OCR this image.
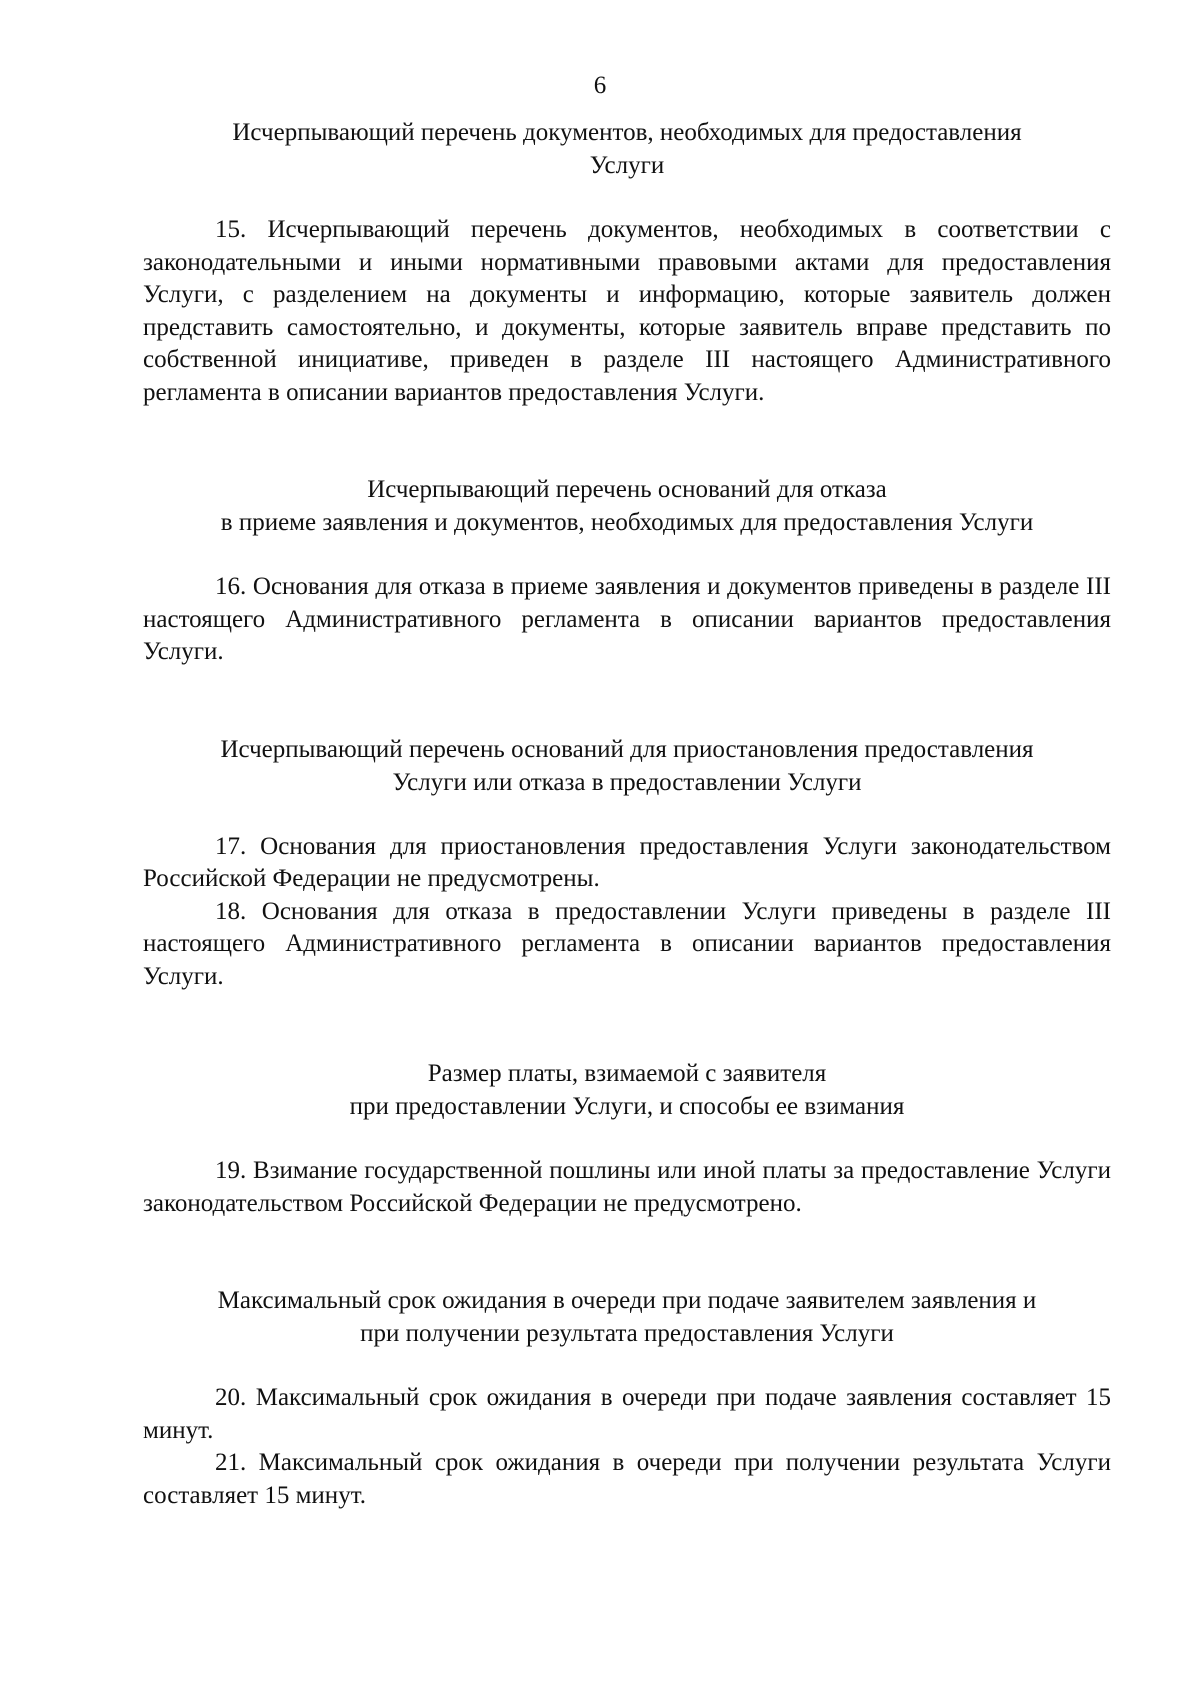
6

Исчерпывающий перечень документов, необходимых для предоставления
Услуги

15. Исчерпывающий перечень документов, необходимых в соответствии с законодательными и иными нормативными правовыми актами для предоставления Услуги, с разделением на документы и информацию, которые заявитель должен представить самостоятельно, и документы, которые заявитель вправе представить по собственной инициативе, приведен в разделе III настоящего Административного регламента в описании вариантов предоставления Услуги.

Исчерпывающий перечень оснований для отказа
в приеме заявления и документов, необходимых для предоставления Услуги

16. Основания для отказа в приеме заявления и документов приведены в разделе III настоящего Административного регламента в описании вариантов предоставления Услуги.

Исчерпывающий перечень оснований для приостановления предоставления
Услуги или отказа в предоставлении Услуги

17. Основания для приостановления предоставления Услуги законодательством Российской Федерации не предусмотрены.

18. Основания для отказа в предоставлении Услуги приведены в разделе III настоящего Административного регламента в описании вариантов предоставления Услуги.

Размер платы, взимаемой с заявителя
при предоставлении Услуги, и способы ее взимания

19. Взимание государственной пошлины или иной платы за предоставление Услуги законодательством Российской Федерации не предусмотрено.

Максимальный срок ожидания в очереди при подаче заявителем заявления и
при получении результата предоставления Услуги

20. Максимальный срок ожидания в очереди при подаче заявления составляет 15 минут.

21. Максимальный срок ожидания в очереди при получении результата Услуги составляет 15 минут.
